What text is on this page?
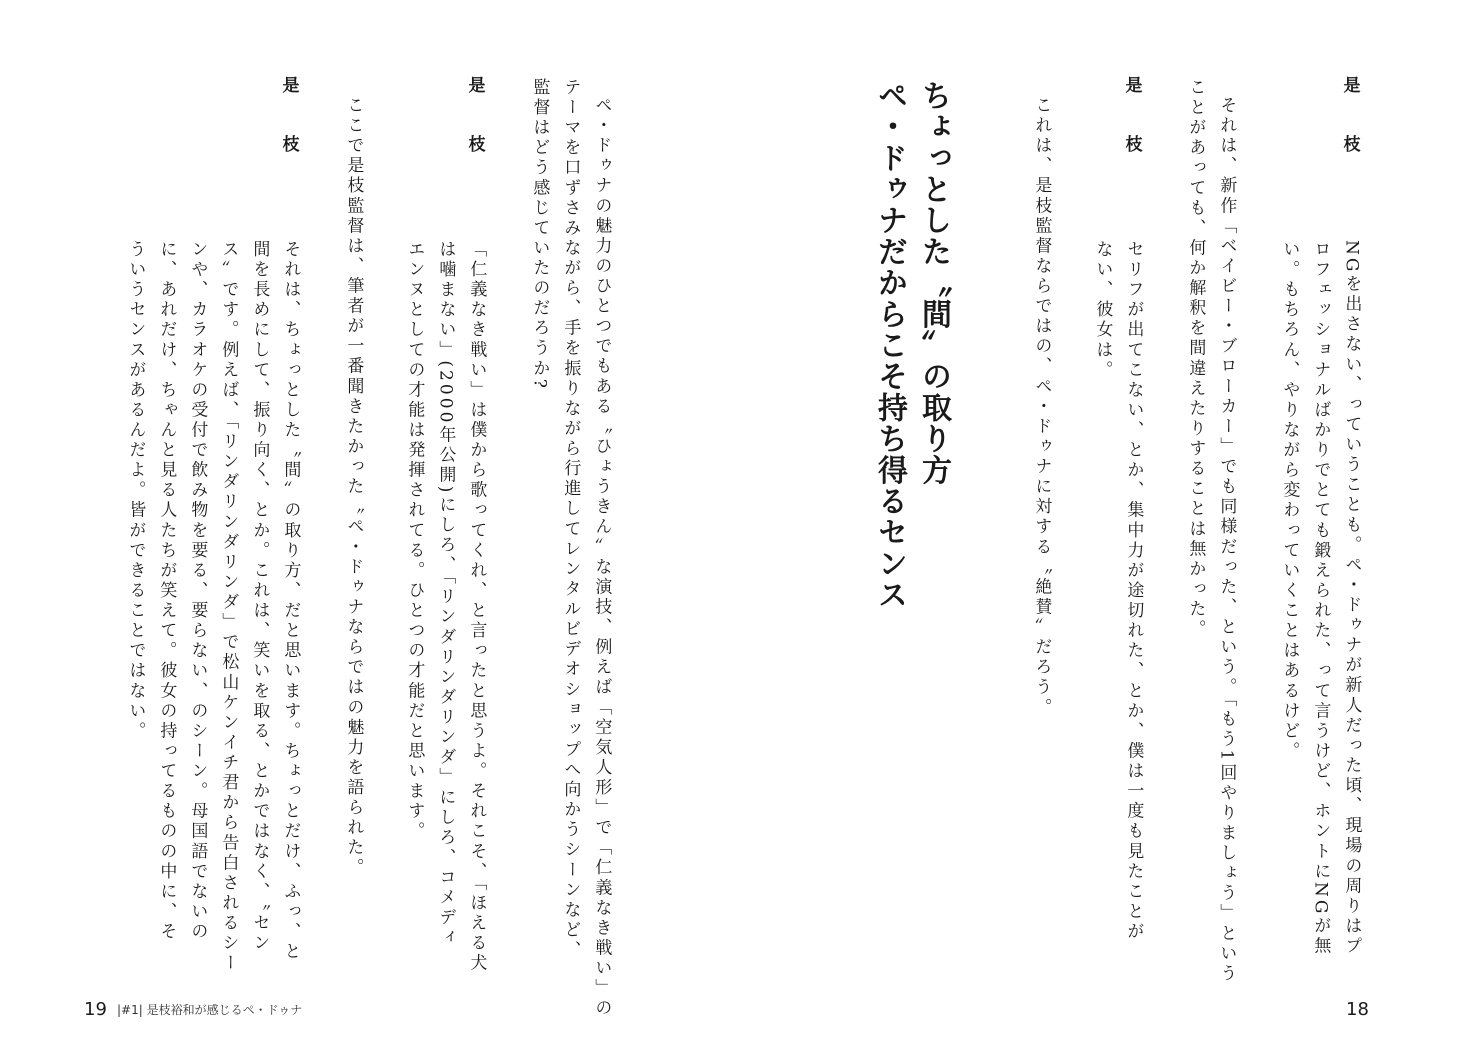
是
枝
NGを出さない、っていうことも。ペ・ドゥナが新人だった頃、現場の周りはプ
ロフェッショナルばかりでとても鍛えられた、って言うけど、ホントにNGが無
い。もちろん、やりながら変わっていくことはあるけど。
それは、新作「ベイビー・ブローカー」でも同様だった、という。「もう1回やりましょう」という
ことがあっても、何か解釈を間違えたりすることは無かった。
是
枝
セリフが出てこない、とか、集中力が途切れた、とか、僕は一度も見たことが
ない、彼女は。
これは、是枝監督ならではの、ペ・ドゥナに対する〝絶賛〟だろう。
18
ちょっとした〝間〟の取り方
ペ・ドゥナだからこそ持ち得るセンス
ペ・ドゥナの魅力のひとつでもある〝ひょうきん〟な演技、例えば「空気人形」で「仁義なき戦い」の
テーマを口ずさみながら、手を振りながら行進してレンタルビデオショップへ向かうシーンなど、
監督はどう感じていたのだろうか?
是
枝
「仁義なき戦い」は僕から歌ってくれ、と言ったと思うよ。それこそ、「ほえる犬
は噛まない」(2000年公開)にしろ、「リンダリンダリンダ」にしろ、コメディ
エンヌとしての才能は発揮されてる。ひとつの才能だと思います。
ここで是枝監督は、筆者が一番聞きたかった〝ペ・ドゥナならではの魅力を語られた。
是
枝
それは、ちょっとした〝間〟の取り方、だと思います。ちょっとだけ、ふっ、と
間を長めにして、振り向く、とか。これは、笑いを取る、とかではなく、〝セン
ス〟です。例えば、「リンダリンダリンダ」で松山ケンイチ君から告白されるシー
ンや、カラオケの受付で飲み物を要る、要らない、のシーン。母国語でないの
に、あれだけ、ちゃんと見る人たちが笑えて。彼女の持ってるものの中に、そ
ういうセンスがあるんだよ。皆ができることではない。
19 |#1| 是枝裕和が感じるペ・ドゥナ
